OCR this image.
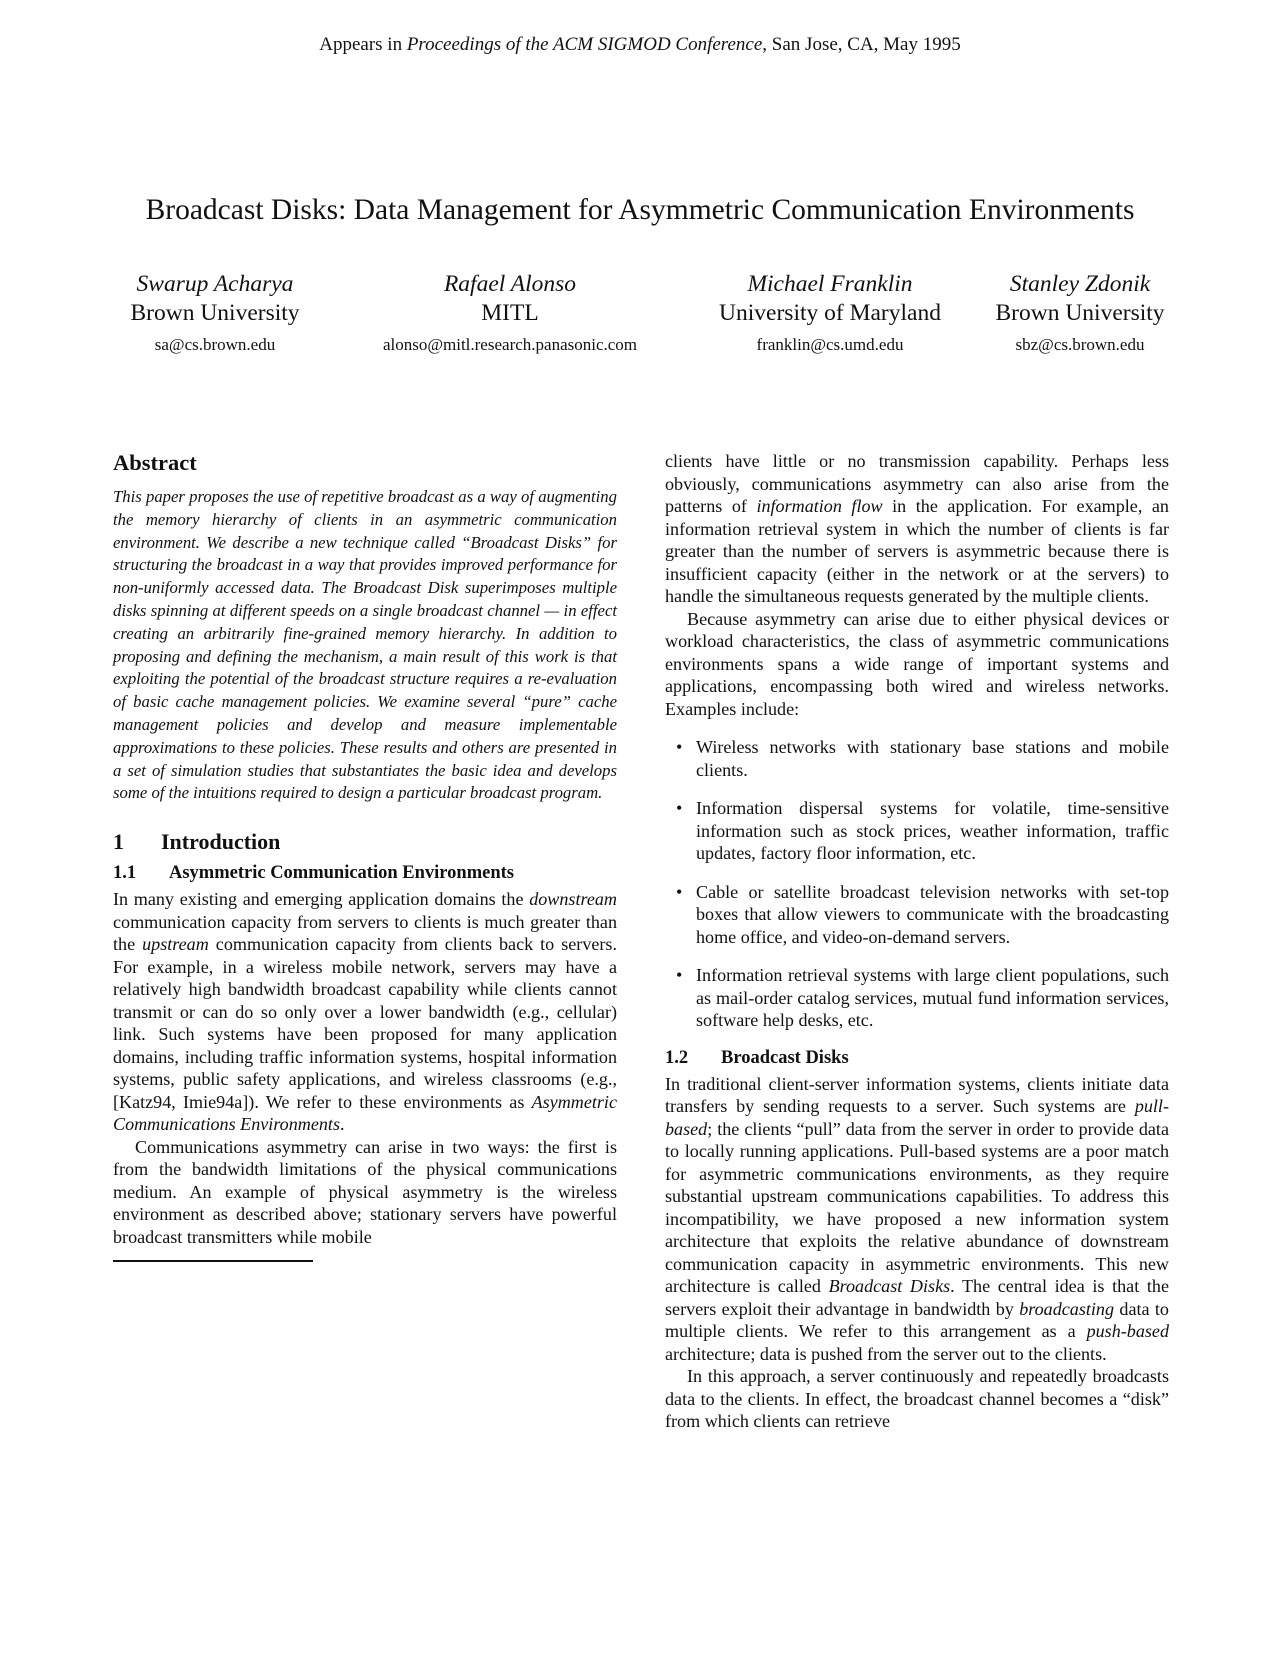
Appears in Proceedings of the ACM SIGMOD Conference, San Jose, CA, May 1995
Broadcast Disks: Data Management for Asymmetric Communication Environments
Swarup Acharya
Brown University
sa@cs.brown.edu
Rafael Alonso
MITL
alonso@mitl.research.panasonic.com
Michael Franklin
University of Maryland
franklin@cs.umd.edu
Stanley Zdonik
Brown University
sbz@cs.brown.edu
Abstract

This paper proposes the use of repetitive broadcast as a way of augmenting the memory hierarchy of clients in an asymmetric communication environment. We describe a new technique called “Broadcast Disks” for structuring the broadcast in a way that provides improved performance for non-uniformly accessed data. The Broadcast Disk superimposes multiple disks spinning at different speeds on a single broadcast channel — in effect creating an arbitrarily fine-grained memory hierarchy. In addition to proposing and defining the mechanism, a main result of this work is that exploiting the potential of the broadcast structure requires a re-evaluation of basic cache management policies. We examine several “pure” cache management policies and develop and measure implementable approximations to these policies. These results and others are presented in a set of simulation studies that substantiates the basic idea and develops some of the intuitions required to design a particular broadcast program.

1 Introduction
1.1 Asymmetric Communication Environments

In many existing and emerging application domains the downstream communication capacity from servers to clients is much greater than the upstream communication capacity from clients back to servers. For example, in a wireless mobile network, servers may have a relatively high bandwidth broadcast capability while clients cannot transmit or can do so only over a lower bandwidth (e.g., cellular) link. Such systems have been proposed for many application domains, including traffic information systems, hospital information systems, public safety applications, and wireless classrooms (e.g.,[Katz94, Imie94a]). We refer to these environments as Asymmetric Communications Environments.

Communications asymmetry can arise in two ways: the first is from the bandwidth limitations of the physical communications medium. An example of physical asymmetry is the wireless environment as described above; stationary servers have powerful broadcast transmitters while mobile

clients have little or no transmission capability. Perhaps less obviously, communications asymmetry can also arise from the patterns of information flow in the application. For example, an information retrieval system in which the number of clients is far greater than the number of servers is asymmetric because there is insufficient capacity (either in the network or at the servers) to handle the simultaneous requests generated by the multiple clients.

Because asymmetry can arise due to either physical devices or workload characteristics, the class of asymmetric communications environments spans a wide range of important systems and applications, encompassing both wired and wireless networks. Examples include:

• Wireless networks with stationary base stations and mobile clients.

• Information dispersal systems for volatile, time-sensitive information such as stock prices, weather information, traffic updates, factory floor information, etc.

• Cable or satellite broadcast television networks with set-top boxes that allow viewers to communicate with the broadcasting home office, and video-on-demand servers.

• Information retrieval systems with large client populations, such as mail-order catalog services, mutual fund information services, software help desks, etc.

1.2 Broadcast Disks

In traditional client-server information systems, clients initiate data transfers by sending requests to a server. Such systems are pull-based; the clients “pull” data from the server in order to provide data to locally running applications. Pull-based systems are a poor match for asymmetric communications environments, as they require substantial upstream communications capabilities. To address this incompatibility, we have proposed a new information system architecture that exploits the relative abundance of downstream communication capacity in asymmetric environments. This new architecture is called Broadcast Disks. The central idea is that the servers exploit their advantage in bandwidth by broadcasting data to multiple clients. We refer to this arrangement as a push-based architecture; data is pushed from the server out to the clients.

In this approach, a server continuously and repeatedly broadcasts data to the clients. In effect, the broadcast channel becomes a “disk” from which clients can retrieve
